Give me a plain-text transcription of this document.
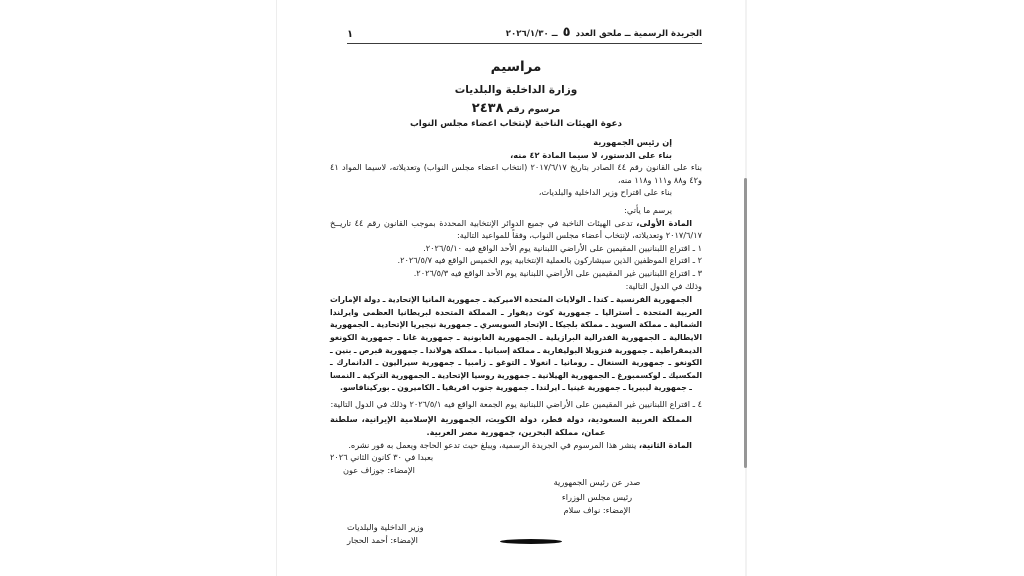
الجريدة الرسمية ــ ملحق العدد ٥ ــ ٢٠٢٦/١/٣٠
١
مراسيم
وزارة الداخلية والبلديات
مرسوم رقم ٢٤٣٨
دعوة الهيئات الناخبة لإنتخاب اعضاء مجلس النواب

إن رئيس الجمهورية

بناء على الدستور، لا سيما المادة ٤٢ منه،

بناء على القانون رقم ٤٤ الصادر بتاريخ ٢٠١٧/٦/١٧ (انتخاب اعضاء مجلس النواب) وتعديلاته، لاسيما المواد ٤١ و٤٢ و٨٨ و١١١ و١١٨ منه،

بناء على اقتراح وزير الداخلية والبلديات،

يرسم ما يأتي:

المادة الأولى، تدعى الهيئات الناخبة في جميع الدوائر الإنتخابية المحددة بموجب القانون رقم ٤٤ تاريــخ ٢٠١٧/٦/١٧ وتعديلاته، لإنتخاب أعضاء مجلس النواب، وفقاً للمواعيد التالية:

١ ـ اقتراع اللبنانيين المقيمين على الأراضي اللبنانية يوم الأحد الواقع فيه ٢٠٢٦/٥/١٠.

٢ ـ اقتراع الموظفين الذين سيشاركون بالعملية الإنتخابية يوم الخميس الواقع فيه ٢٠٢٦/٥/٧.

٣ ـ اقتراع اللبنانيين غير المقيمين على الأراضي اللبنانية يوم الأحد الواقع فيه ٢٠٢٦/٥/٣.

وذلك في الدول التالية:

الجمهورية الفرنسية ـ كندا ـ الولايات المتحدة الاميركية ـ جمهورية المانيا الإتحادية ـ دولة الإمارات العربية المتحدة ـ أستراليا ـ جمهورية كوت ديفوار ـ المملكة المتحدة لبريطانيا العظمى وايرلندا الشمالية ـ مملكة السويد ـ مملكة بلجيكا ـ الإتحاد السويسري ـ جمهورية نيجيريا الإتحادية ـ الجمهورية الايطالية ـ الجمهورية الفدرالية البرازيلية ـ الجمهورية الغابونية ـ جمهورية غانا ـ جمهورية الكونغو الديمقراطية ـ جمهورية فنزويلا البوليفارية ـ مملكة إسبانيا ـ مملكة هولاندا ـ جمهورية قبرص ـ بنين ـ الكونغو ـ جمهورية السنغال ـ رومانيا ـ انغولا ـ التوغو ـ زامبيا ـ جمهورية سيراليون ـ الدانمارك ـ المكسيك ـ لوكسمبورغ ـ الجمهورية الهيلانية ـ جمهورية روسيا الإتحادية ـ الجمهورية التركية ـ النمسا ـ جمهورية ليبيريا ـ جمهورية غينيا ـ ايرلندا ـ جمهورية جنوب افريقيا ـ الكاميرون ـ بوركينافاسو.

٤ ـ اقتراع اللبنانيين غير المقيمين على الأراضي اللبنانية يوم الجمعة الواقع فيه ٢٠٢٦/٥/١ وذلك في الدول التالية:

المملكة العربية السعودية، دولة قطر، دولة الكويت، الجمهورية الإسلامية الإيرانية، سلطنة عمان، مملكة البحرين، جمهورية مصر العربية.

المادة الثانية، ينشر هذا المرسوم في الجريدة الرسمية، ويبلغ حيث تدعو الحاجة ويعمل به فور نشره.

بعبدا في ٣٠ كانون الثاني ٢٠٢٦

الإمضاء: جوزاف عون

صدر عن رئيس الجمهورية
رئيس مجلس الوزراء
الإمضاء: نواف سلام
وزير الداخلية والبلديات
الإمضاء: أحمد الحجار
